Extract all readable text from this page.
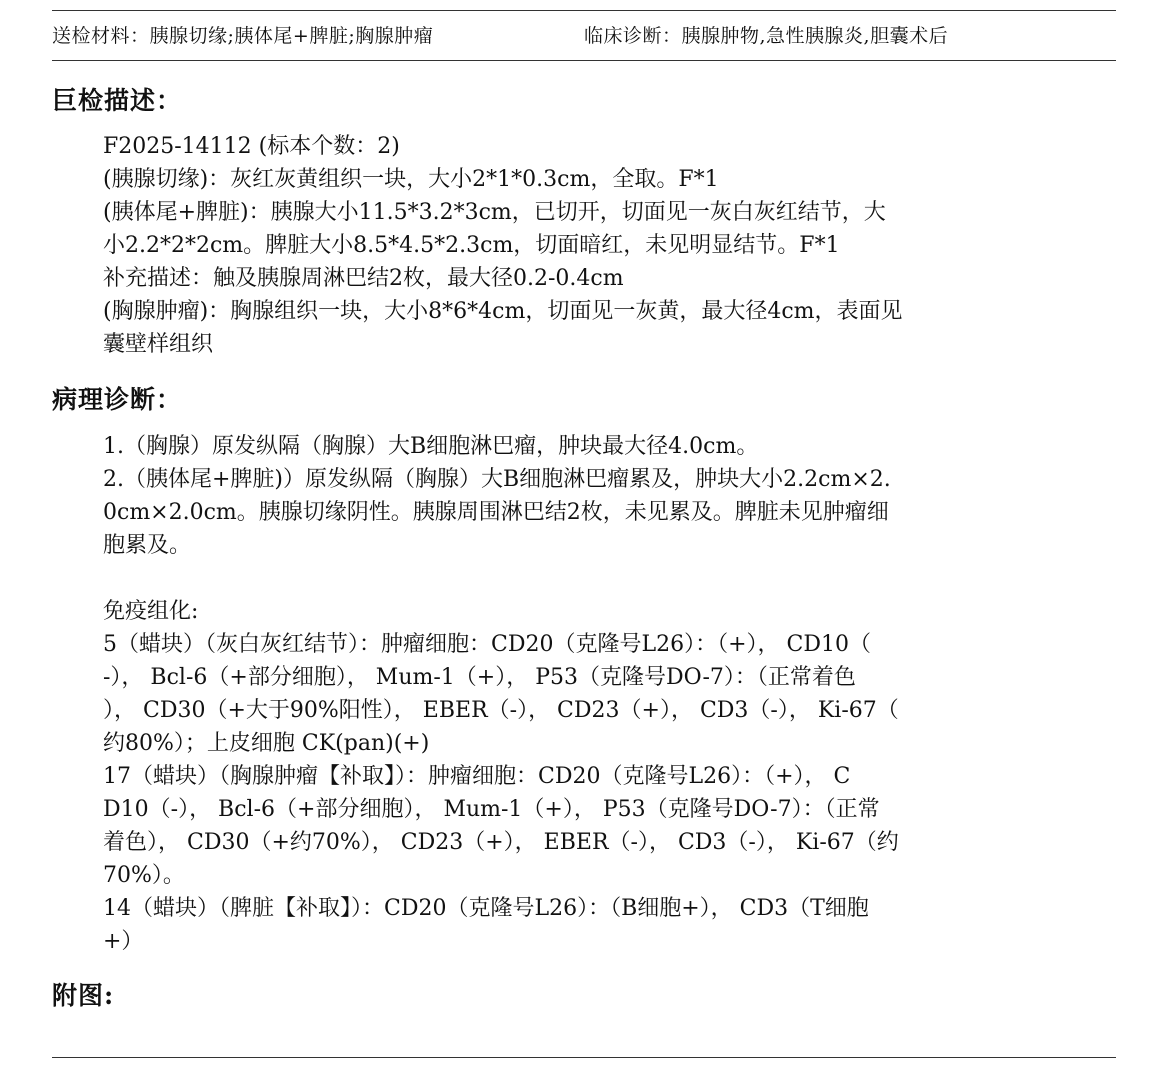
送检材料：胰腺切缘;胰体尾+脾脏;胸腺肿瘤	临床诊断：胰腺肿物,急性胰腺炎,胆囊术后
巨检描述：
F2025-14112 (标本个数：2)
(胰腺切缘)：灰红灰黄组织一块，大小2*1*0.3cm，全取。F*1
(胰体尾+脾脏)：胰腺大小11.5*3.2*3cm，已切开，切面见一灰白灰红结节，大
小2.2*2*2cm。脾脏大小8.5*4.5*2.3cm，切面暗红，未见明显结节。F*1
补充描述：触及胰腺周淋巴结2枚，最大径0.2-0.4cm
(胸腺肿瘤)：胸腺组织一块，大小8*6*4cm，切面见一灰黄，最大径4cm，表面见
囊壁样组织
病理诊断：
1.（胸腺）原发纵隔（胸腺）大B细胞淋巴瘤，肿块最大径4.0cm。
2.（胰体尾+脾脏)）原发纵隔（胸腺）大B细胞淋巴瘤累及，肿块大小2.2cm×2.
0cm×2.0cm。胰腺切缘阴性。胰腺周围淋巴结2枚，未见累及。脾脏未见肿瘤细
胞累及。
免疫组化:
5（蜡块）（灰白灰红结节）：肿瘤细胞：CD20（克隆号L26）：（+）， CD10（
-）， Bcl-6（+部分细胞）， Mum-1（+）， P53（克隆号DO-7）：（正常着色
）， CD30（+大于90%阳性）， EBER（-）， CD23（+）， CD3（-）， Ki-67（
约80%）；上皮细胞 CK(pan)(+)
17（蜡块）（胸腺肿瘤【补取】）：肿瘤细胞：CD20（克隆号L26）：（+）， C
D10（-）， Bcl-6（+部分细胞）， Mum-1（+）， P53（克隆号DO-7）：（正常
着色）， CD30（+约70%）， CD23（+）， EBER（-）， CD3（-）， Ki-67（约
70%）。
14（蜡块）（脾脏【补取】）：CD20（克隆号L26）：（B细胞+）， CD3（T细胞
+）
附图:
